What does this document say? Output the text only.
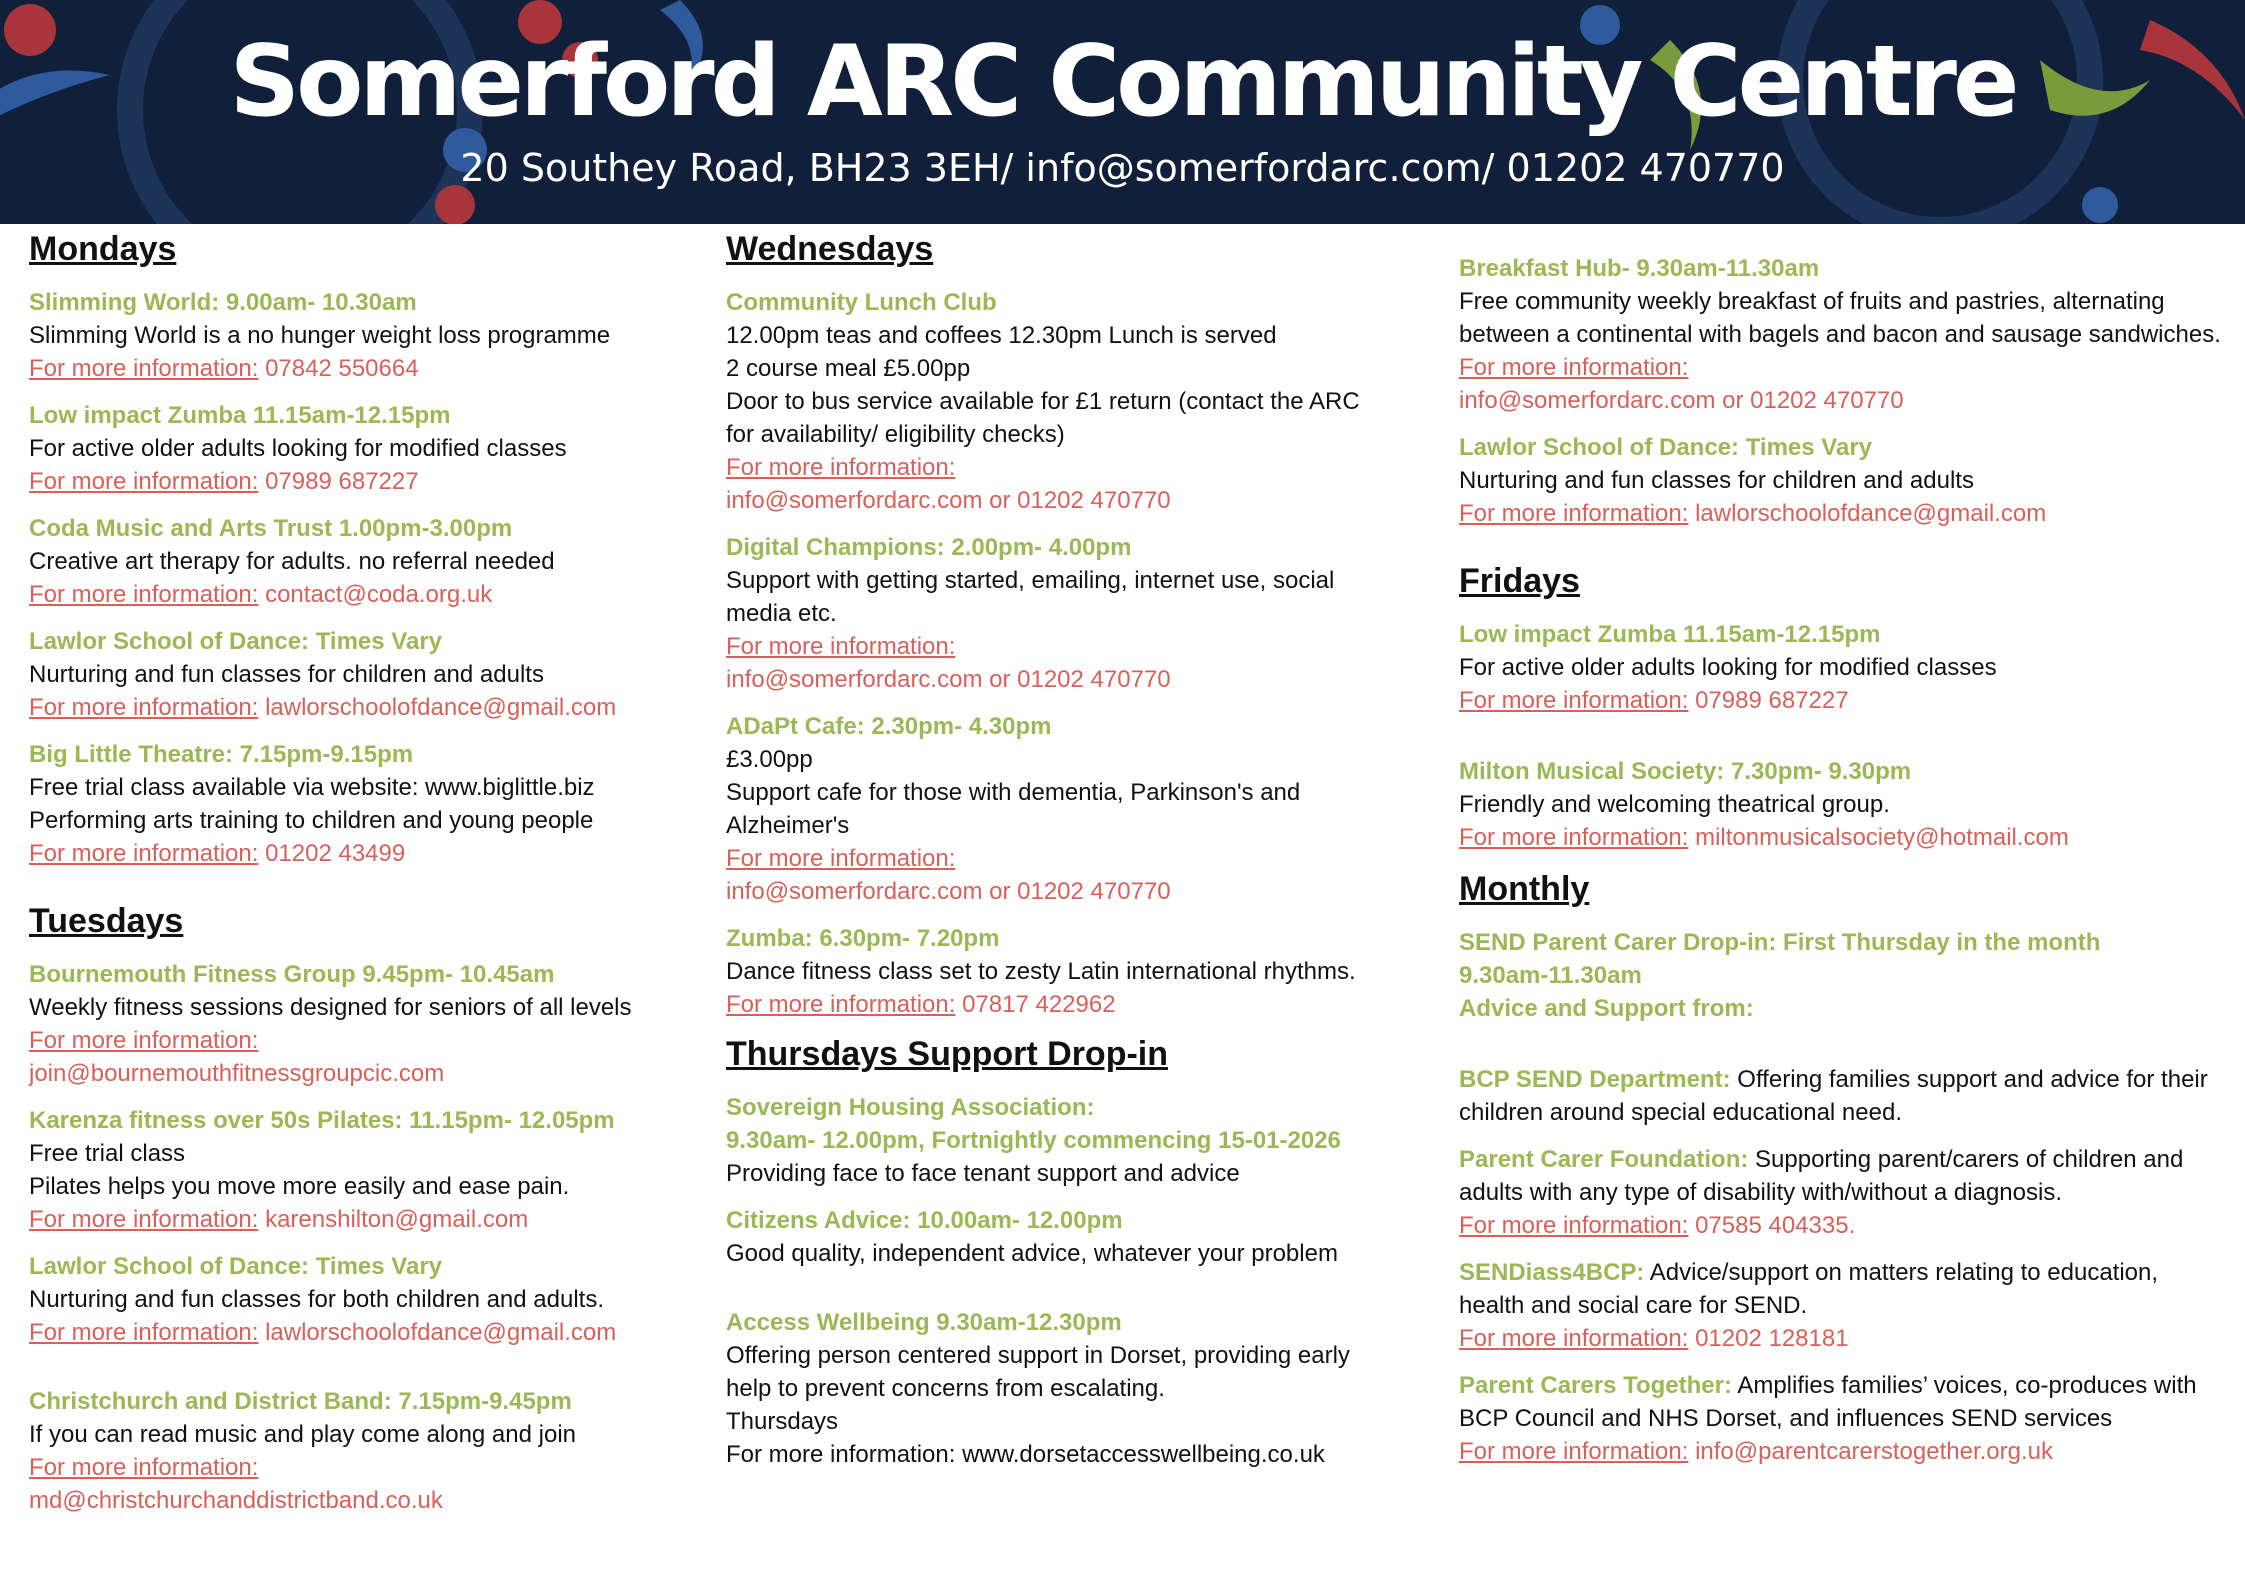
Somerford ARC Community Centre
20 Southey Road, BH23 3EH/ info@somerfordarc.com/ 01202 470770
Mondays
Slimming World: 9.00am- 10.30am
Slimming World is a no hunger weight loss programme
For more information: 07842 550664
Low impact Zumba 11.15am-12.15pm
For active older adults looking for modified classes
For more information: 07989 687227
Coda Music and Arts Trust 1.00pm-3.00pm
Creative art therapy for adults. no referral needed
For more information: contact@coda.org.uk
Lawlor School of Dance: Times Vary
Nurturing and fun classes for children and adults
For more information: lawlorschoolofdance@gmail.com
Big Little Theatre: 7.15pm-9.15pm
Free trial class available via website: www.biglittle.biz
Performing arts training to children and young people
For more information: 01202 43499
Tuesdays
Bournemouth Fitness Group 9.45pm- 10.45am
Weekly fitness sessions designed for seniors of all levels
For more information:
join@bournemouthfitnessgroupcic.com
Karenza fitness over 50s Pilates: 11.15pm- 12.05pm
Free trial class
Pilates helps you move more easily and ease pain.
For more information: karenshilton@gmail.com
Lawlor School of Dance: Times Vary
Nurturing and fun classes for both children and adults.
For more information: lawlorschoolofdance@gmail.com
Christchurch and District Band: 7.15pm-9.45pm
If you can read music and play come along and join
For more information:
md@christchurchanddistrictband.co.uk
Wednesdays
Community Lunch Club
12.00pm teas and coffees 12.30pm Lunch is served
2 course meal £5.00pp
Door to bus service available for £1 return (contact the ARC
for availability/ eligibility checks)
For more information:
info@somerfordarc.com or 01202 470770
Digital Champions: 2.00pm- 4.00pm
Support with getting started, emailing, internet use, social
media etc.
For more information:
info@somerfordarc.com or 01202 470770
ADaPt Cafe: 2.30pm- 4.30pm
£3.00pp
Support cafe for those with dementia, Parkinson's and
Alzheimer's
For more information:
info@somerfordarc.com or 01202 470770
Zumba: 6.30pm- 7.20pm
Dance fitness class set to zesty Latin international rhythms.
For more information: 07817 422962
Thursdays Support Drop-in
Sovereign Housing Association:
9.30am- 12.00pm, Fortnightly commencing 15-01-2026
Providing face to face tenant support and advice
Citizens Advice: 10.00am- 12.00pm
Good quality, independent advice, whatever your problem
Access Wellbeing 9.30am-12.30pm
Offering person centered support in Dorset, providing early
help to prevent concerns from escalating.
Thursdays
For more information: www.dorsetaccesswellbeing.co.uk
Breakfast Hub- 9.30am-11.30am
Free community weekly breakfast of fruits and pastries, alternating
between a continental with bagels and bacon and sausage sandwiches.
For more information:
info@somerfordarc.com or 01202 470770
Lawlor School of Dance: Times Vary
Nurturing and fun classes for children and adults
For more information: lawlorschoolofdance@gmail.com
Fridays
Low impact Zumba 11.15am-12.15pm
For active older adults looking for modified classes
For more information: 07989 687227
Milton Musical Society: 7.30pm- 9.30pm
Friendly and welcoming theatrical group.
For more information: miltonmusicalsociety@hotmail.com
Monthly
SEND Parent Carer Drop-in: First Thursday in the month
9.30am-11.30am
Advice and Support from:
BCP SEND Department: Offering families support and advice for their
children around special educational need.
Parent Carer Foundation: Supporting parent/carers of children and
adults with any type of disability with/without a diagnosis.
For more information: 07585 404335.
SENDiass4BCP: Advice/support on matters relating to education,
health and social care for SEND.
For more information: 01202 128181
Parent Carers Together: Amplifies families’ voices, co-produces with
BCP Council and NHS Dorset, and influences SEND services
For more information: info@parentcarerstogether.org.uk
